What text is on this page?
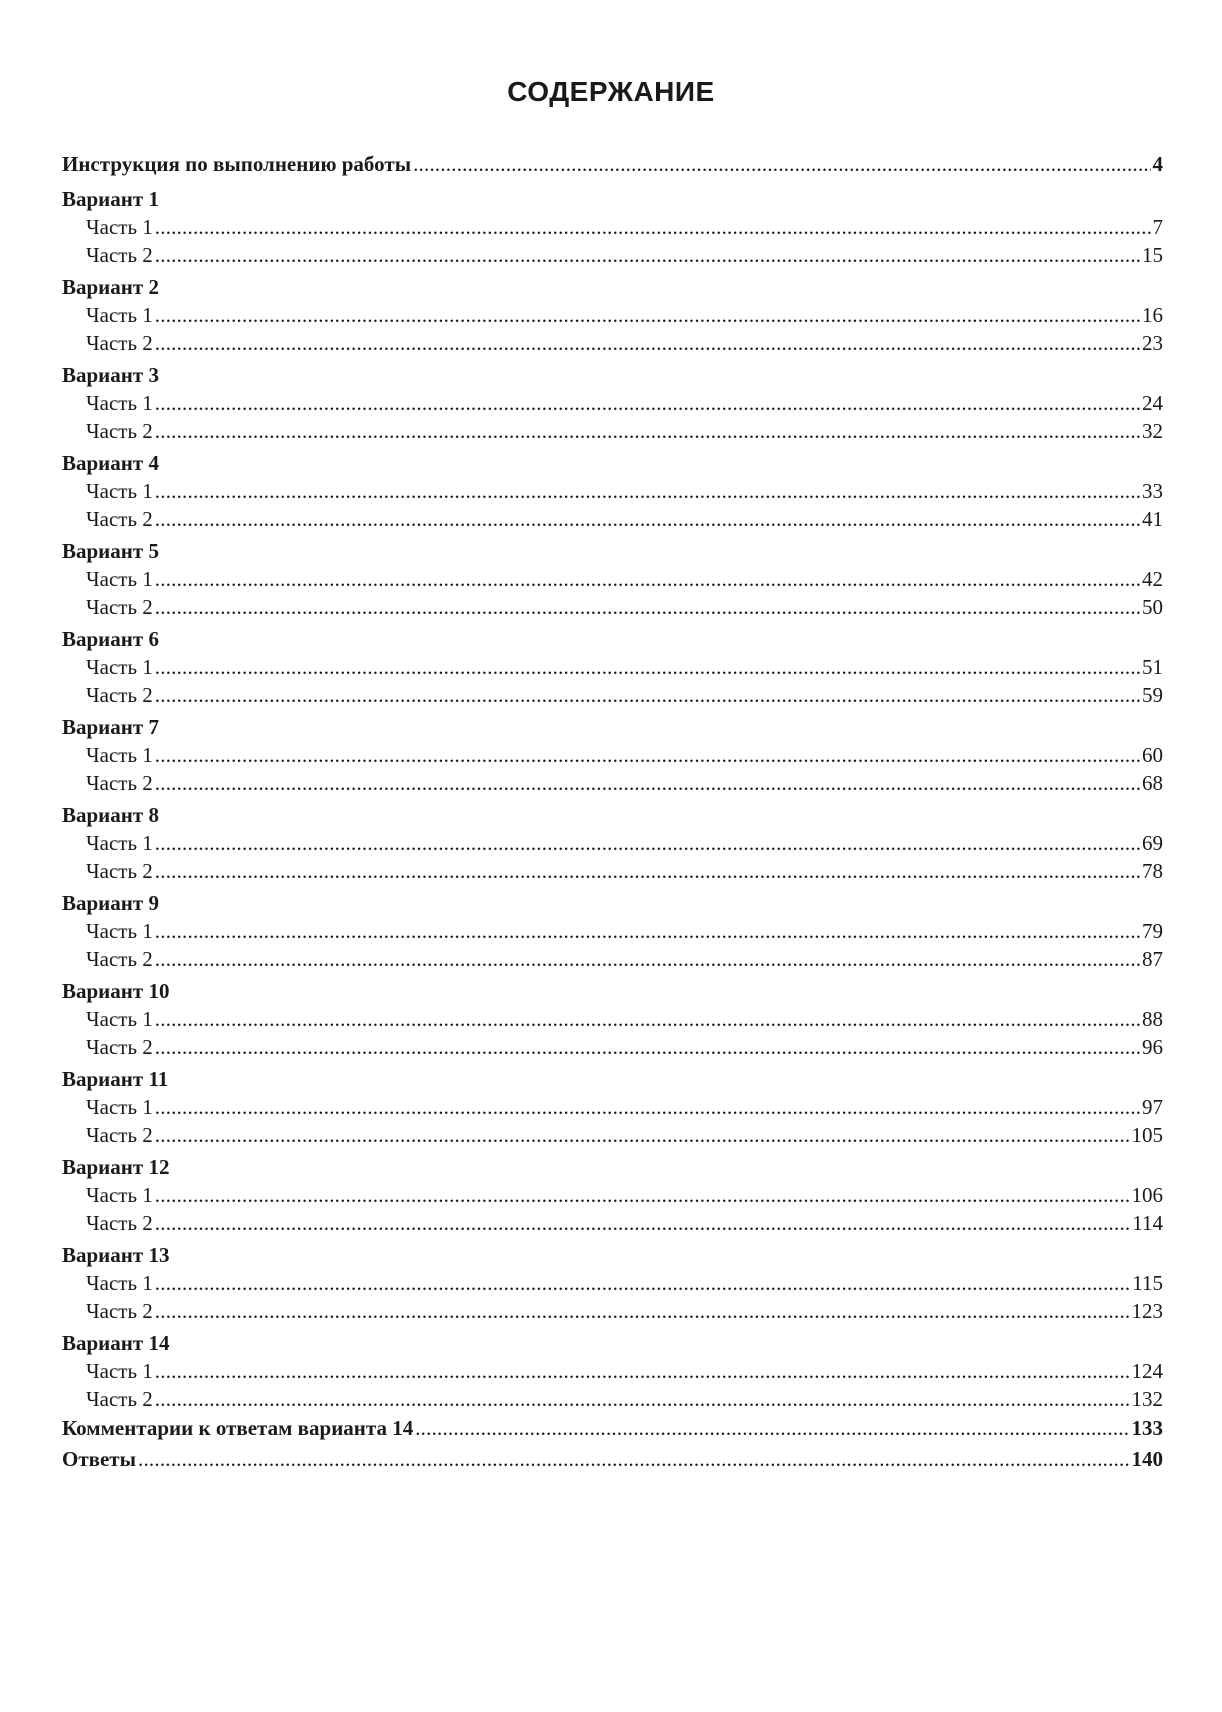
СОДЕРЖАНИЕ
Инструкция по выполнению работы .....	4
Вариант 1
Часть 1 .....	7
Часть 2 .....	15
Вариант 2
Часть 1 .....	16
Часть 2 .....	23
Вариант 3
Часть 1 .....	24
Часть 2 .....	32
Вариант 4
Часть 1 .....	33
Часть 2 .....	41
Вариант 5
Часть 1 .....	42
Часть 2 .....	50
Вариант 6
Часть 1 .....	51
Часть 2 .....	59
Вариант 7
Часть 1 .....	60
Часть 2 .....	68
Вариант 8
Часть 1 .....	69
Часть 2 .....	78
Вариант 9
Часть 1 .....	79
Часть 2 .....	87
Вариант 10
Часть 1 .....	88
Часть 2 .....	96
Вариант 11
Часть 1 .....	97
Часть 2 .....	105
Вариант 12
Часть 1 .....	106
Часть 2 .....	114
Вариант 13
Часть 1 .....	115
Часть 2 .....	123
Вариант 14
Часть 1 .....	124
Часть 2 .....	132
Комментарии к ответам варианта 14 .....	133
Ответы .....	140
